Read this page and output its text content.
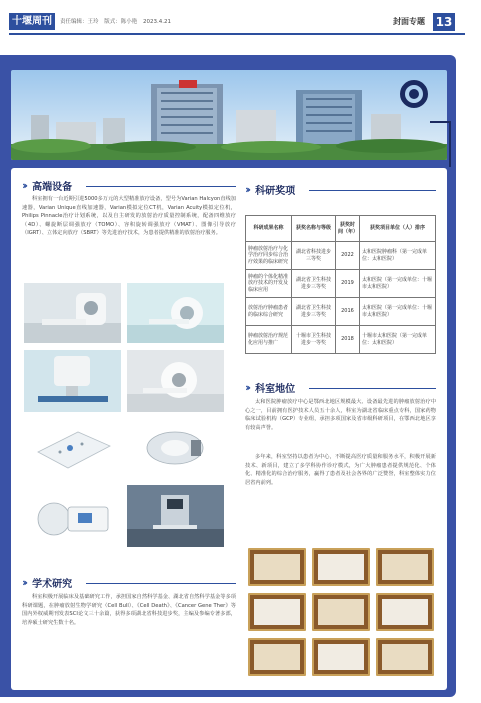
十堰周刊	责任编辑：王玲 版式：陈小艳 2023.4.21	封面专题 13
›› 高端设备
科室拥有一台近期引进5000多万元的大型精准放疗设备，型号为Varian Halcyon直线加速器，Varian Unique直线加速器，Varian模拟定位CT机，Varian Acuity模拟定位机，Philips Pinnacle治疗计划系统，以及自主研发的放射治疗质量控制系统，配备四维放疗（4D）、螺旋断层调强放疗（TOMO）、容积旋转调强放疗（VMAT）、图像引导放疗（IGRT）、立体定向放疗（SBRT）等先进治疗技术，为患者提供精准的放射治疗服务。
›› 科研奖项
科研成果名称	获奖名称与等级	获奖时间（年）	获奖项目单位（人）排序
肿瘤放射治疗与化学治疗同步综合治疗效果的临床研究	湖北省科技进步三等奖	2022	太和医院肿瘤科（第一完成单位：太和医院）
肿瘤的个体化精准放疗技术的开发及临床应用	湖北省卫生科技进步三等奖	2019	太和医院（第一完成单位：十堰市太和医院）
放射治疗肿瘤患者的临床综合研究	湖北省卫生科技进步三等奖	2016	太和医院（第一完成单位：十堰市太和医院）
肿瘤放射治疗规范化应用与推广	十堰市卫生科技进步一等奖	2018	十堰市太和医院（第一完成单位：太和医院）
›› 科室地位
太和医院肿瘤放疗中心是鄂西北地区规模最大、设备最先进的肿瘤放射治疗中心之一，目前拥有医护技术人员五十余人，科室为湖北省临床重点专科，国家药物临床试验机构（GCP）专业组，承担多项国家及省市级科研项目，在鄂西北地区享有较高声誉。
多年来，科室坚持以患者为中心，不断提高医疗质量和服务水平，积极开展新技术、新项目，建立了多学科协作诊疗模式，为广大肿瘤患者提供规范化、个体化、精准化的综合治疗服务，赢得了患者及社会各界的广泛赞誉，科室整体实力位居省内前列。
›› 学术研究
科室积极开展临床及基础研究工作，承担国家自然科学基金、湖北省自然科学基金等多项科研课题，在肿瘤放射生物学研究（Cell Bull）、《Cell Death》、《Cancer Gene Ther》等国内外权威期刊发表SCI论文三十余篇，获得多项湖北省科技进步奖，主编及参编专著多部，培养硕士研究生数十名。
